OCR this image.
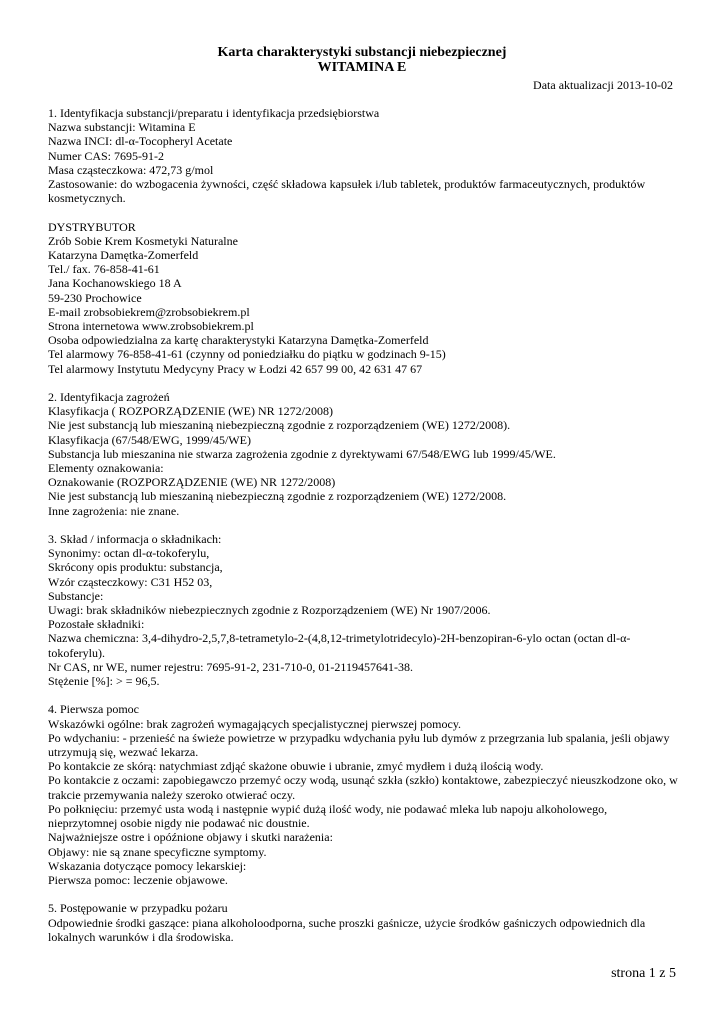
Karta charakterystyki substancji niebezpiecznej
WITAMINA E
Data aktualizacji 2013-10-02

1. Identyfikacja substancji/preparatu i identyfikacja przedsiębiorstwa

Nazwa substancji: Witamina E

Nazwa INCI: dl-α-Tocopheryl Acetate

Numer CAS: 7695-91-2

Masa cząsteczkowa: 472,73 g/mol

Zastosowanie: do wzbogacenia żywności, część składowa kapsułek i/lub tabletek, produktów farmaceutycznych, produktów kosmetycznych.

DYSTRYBUTOR

Zrób Sobie Krem Kosmetyki Naturalne

Katarzyna Damętka-Zomerfeld

Tel./ fax. 76-858-41-61

Jana Kochanowskiego 18 A

59-230 Prochowice

E-mail zrobsobiekrem@zrobsobiekrem.pl

Strona internetowa www.zrobsobiekrem.pl

Osoba odpowiedzialna za kartę charakterystyki Katarzyna Damętka-Zomerfeld

Tel alarmowy 76-858-41-61 (czynny od poniedziałku do piątku w godzinach 9-15)

Tel alarmowy Instytutu Medycyny Pracy w Łodzi 42 657 99 00, 42 631 47 67

2. Identyfikacja zagrożeń

Klasyfikacja ( ROZPORZĄDZENIE (WE) NR 1272/2008)

Nie jest substancją lub mieszaniną niebezpieczną zgodnie z rozporządzeniem (WE) 1272/2008).

Klasyfikacja (67/548/EWG, 1999/45/WE)

Substancja lub mieszanina nie stwarza zagrożenia zgodnie z dyrektywami 67/548/EWG lub 1999/45/WE.

Elementy oznakowania:

Oznakowanie (ROZPORZĄDZENIE (WE) NR 1272/2008)

Nie jest substancją lub mieszaniną niebezpieczną zgodnie z rozporządzeniem (WE) 1272/2008.

Inne zagrożenia: nie znane.

3. Skład / informacja o składnikach:

Synonimy: octan dl-α-tokoferylu,

Skrócony opis produktu: substancja,

Wzór cząsteczkowy: C31 H52 03,

Substancje:

Uwagi: brak składników niebezpiecznych zgodnie z Rozporządzeniem (WE) Nr 1907/2006.

Pozostałe składniki:

Nazwa chemiczna: 3,4-dihydro-2,5,7,8-tetrametylo-2-(4,8,12-trimetylotridecylo)-2H-benzopiran-6-ylo octan (octan dl-α-tokoferylu).

Nr CAS, nr WE, numer rejestru: 7695-91-2, 231-710-0, 01-2119457641-38.

Stężenie [%]: > = 96,5.

4. Pierwsza pomoc

Wskazówki ogólne: brak zagrożeń wymagających specjalistycznej pierwszej pomocy.

Po wdychaniu: - przenieść na świeże powietrze w przypadku wdychania pyłu lub dymów z przegrzania lub spalania, jeśli objawy utrzymują się, wezwać lekarza.

Po kontakcie ze skórą: natychmiast zdjąć skażone obuwie i ubranie, zmyć mydłem i dużą ilością wody.

Po kontakcie z oczami: zapobiegawczo przemyć oczy wodą, usunąć szkła (szkło) kontaktowe, zabezpieczyć nieuszkodzone oko, w trakcie przemywania należy szeroko otwierać oczy.

Po połknięciu: przemyć usta wodą i następnie wypić dużą ilość wody, nie podawać mleka lub napoju alkoholowego, nieprzytomnej osobie nigdy nie podawać nic doustnie.

Najważniejsze ostre i opóźnione objawy i skutki narażenia:

Objawy: nie są znane specyficzne symptomy.

Wskazania dotyczące pomocy lekarskiej:

Pierwsza pomoc: leczenie objawowe.

5. Postępowanie w przypadku pożaru

Odpowiednie środki gaszące: piana alkoholoodporna, suche proszki gaśnicze, użycie środków gaśniczych odpowiednich dla lokalnych warunków i dla środowiska.

strona 1 z 5
